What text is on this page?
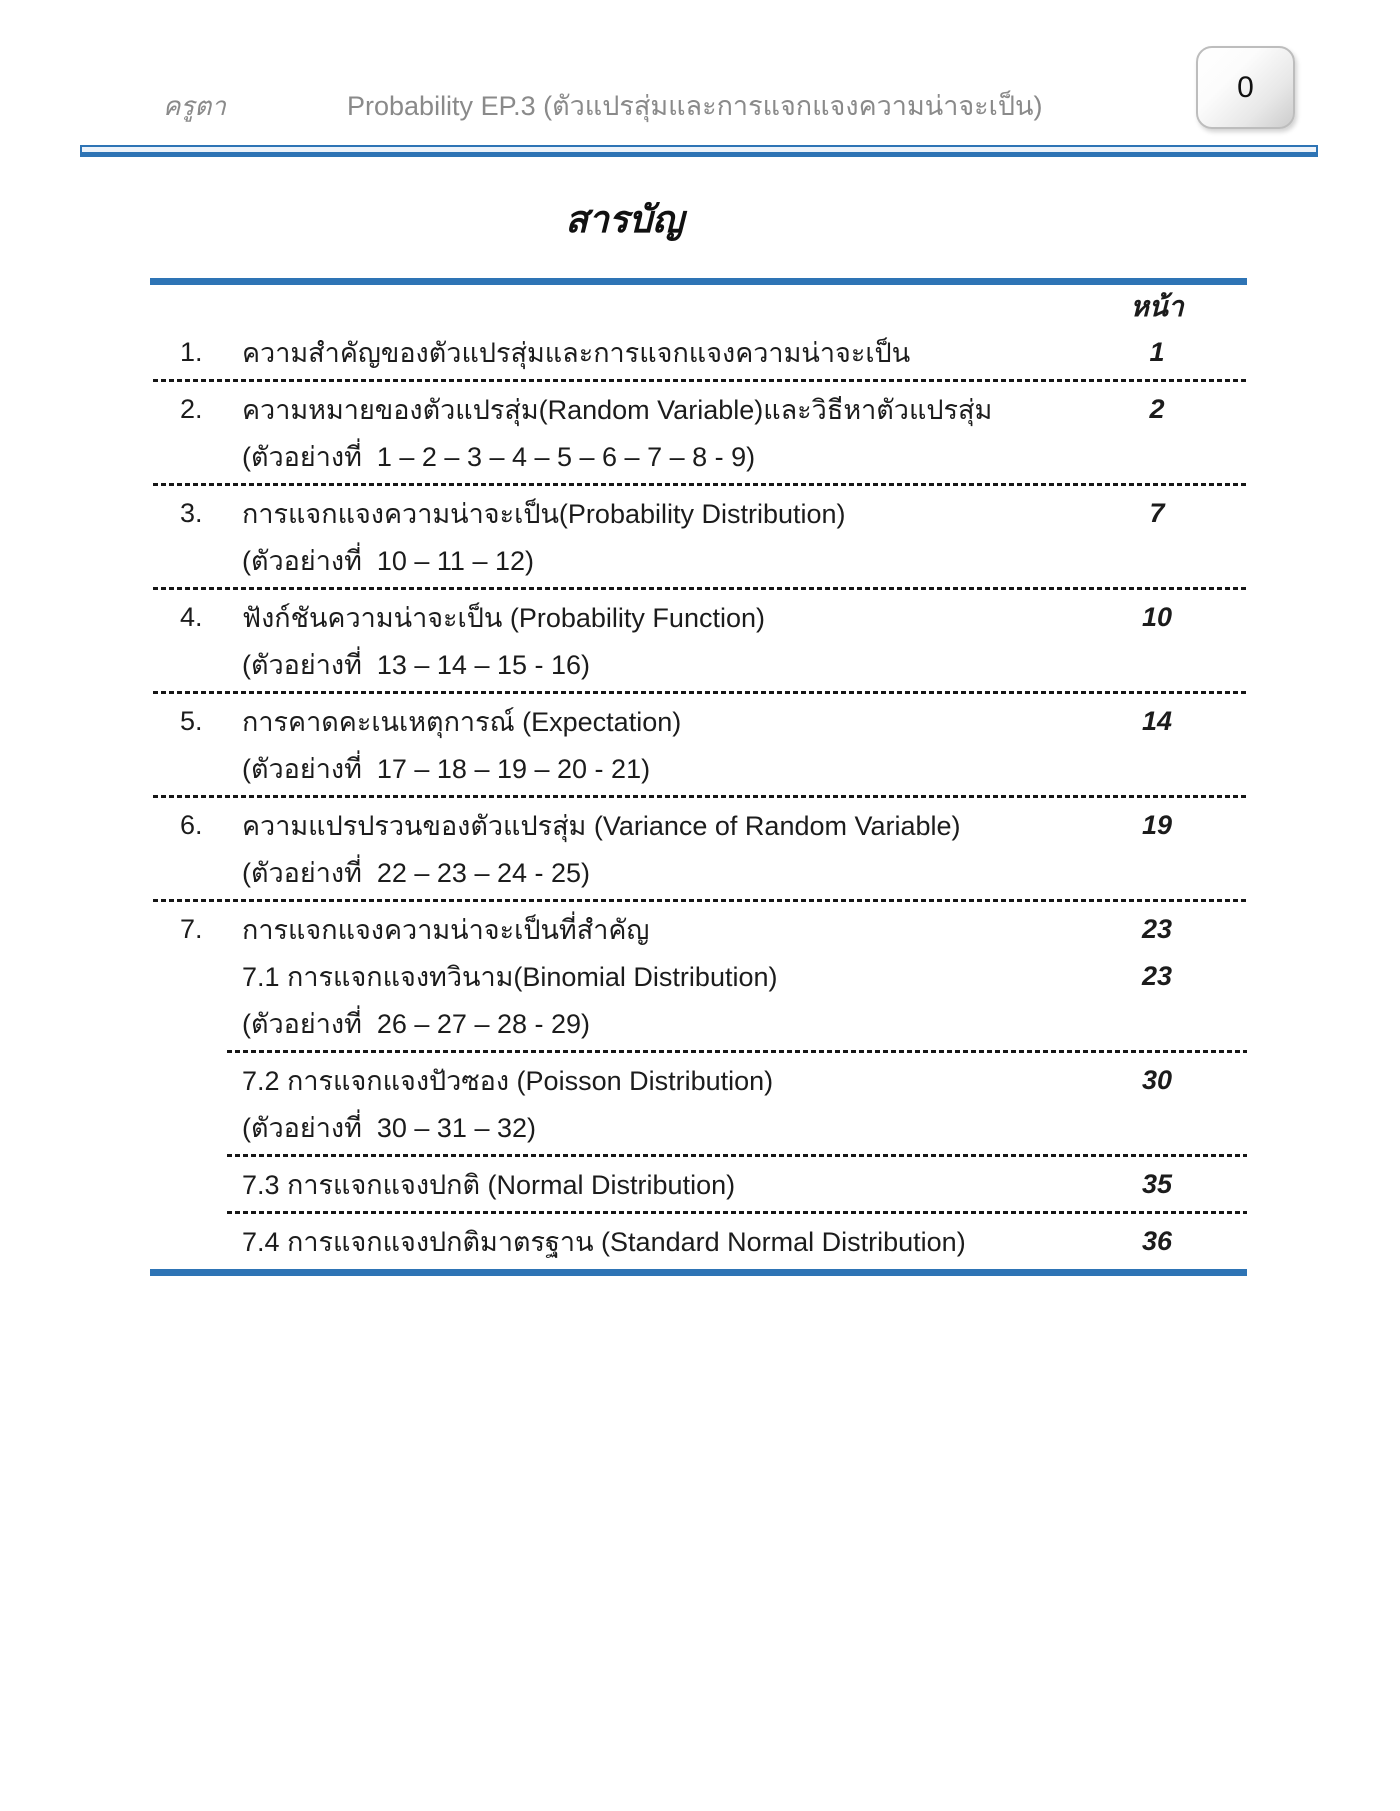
ครูตา	Probability EP.3 (ตัวแปรสุ่มและการแจกแจงความน่าจะเป็น)
0
สารบัญ
หน้า
1.	ความสำคัญของตัวแปรสุ่มและการแจกแจงความน่าจะเป็น	1
2.	ความหมายของตัวแปรสุ่ม(Random Variable)และวิธีหาตัวแปรสุ่ม	2
(ตัวอย่างที่  1 – 2 – 3 – 4 – 5 – 6 – 7 – 8 - 9)
3.	การแจกแจงความน่าจะเป็น(Probability Distribution)	7
(ตัวอย่างที่  10 – 11 – 12)
4.	ฟังก์ชันความน่าจะเป็น (Probability Function)	10
(ตัวอย่างที่  13 – 14 – 15 - 16)
5.	การคาดคะเนเหตุการณ์ (Expectation)	14
(ตัวอย่างที่  17 – 18 – 19 – 20 - 21)
6.	ความแปรปรวนของตัวแปรสุ่ม (Variance of Random Variable)	19
(ตัวอย่างที่  22 – 23 – 24 - 25)
7.	การแจกแจงความน่าจะเป็นที่สำคัญ	23
7.1 การแจกแจงทวินาม(Binomial Distribution)	23
(ตัวอย่างที่  26 – 27 – 28 - 29)
7.2 การแจกแจงปัวซอง (Poisson Distribution)	30
(ตัวอย่างที่  30 – 31 – 32)
7.3 การแจกแจงปกติ (Normal Distribution)	35
7.4 การแจกแจงปกติมาตรฐาน (Standard Normal Distribution)	36
